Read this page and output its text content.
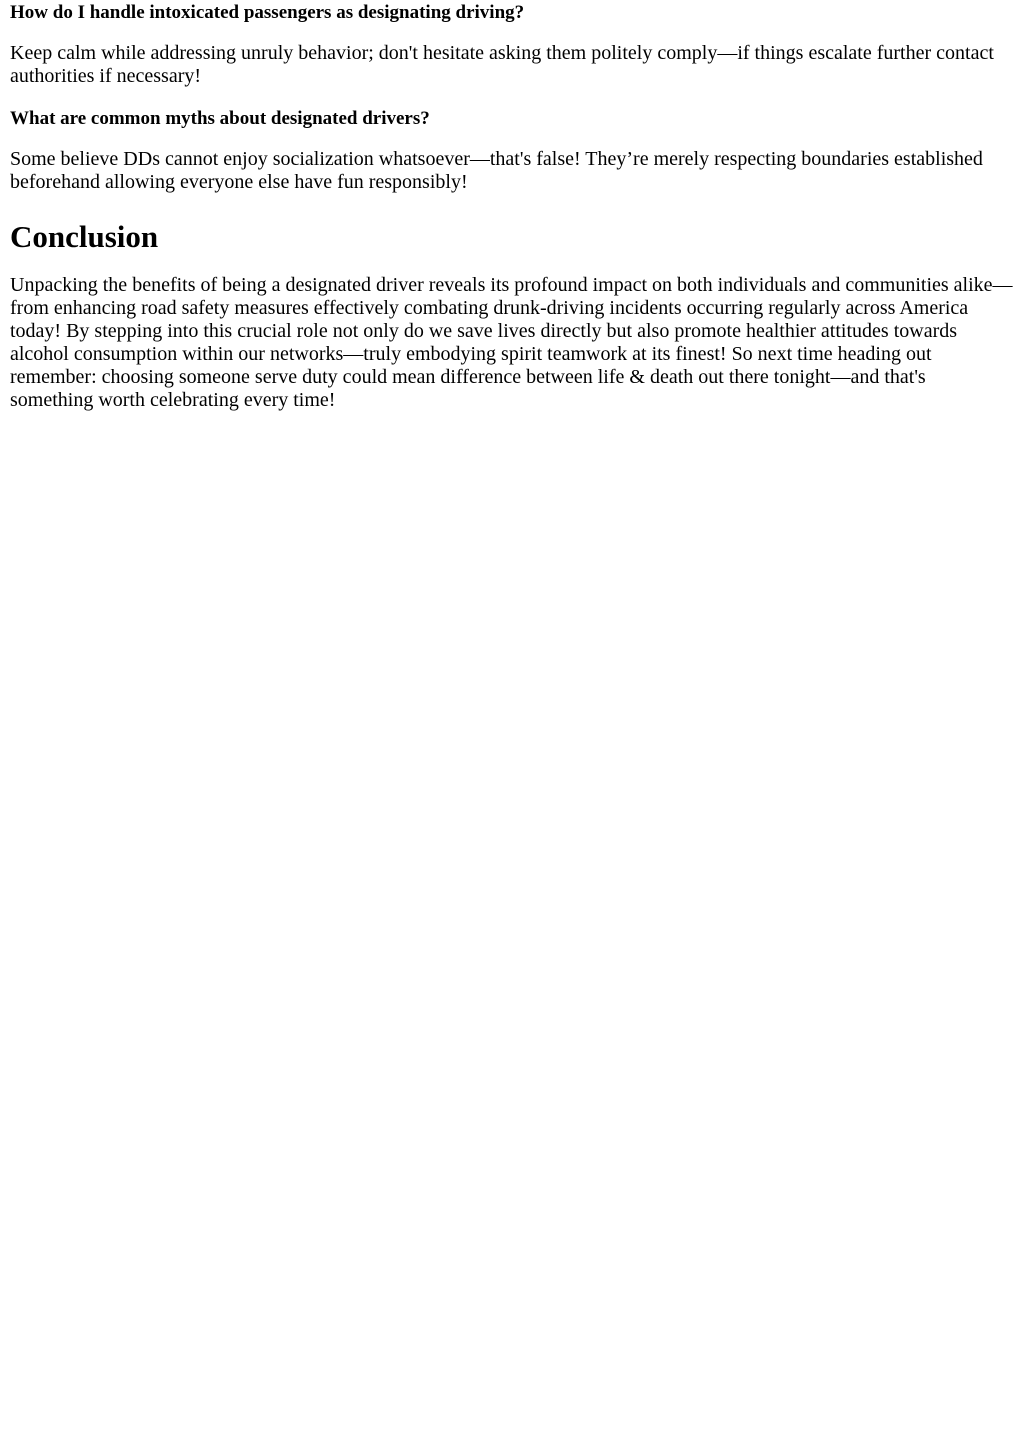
How do I handle intoxicated passengers as designating driving?

Keep calm while addressing unruly behavior; don't hesitate asking them politely comply—if things escalate further contact authorities if necessary!

What are common myths about designated drivers?

Some believe DDs cannot enjoy socialization whatsoever—that's false! They’re merely respecting boundaries established beforehand allowing everyone else have fun responsibly!

Conclusion

Unpacking the benefits of being a designated driver reveals its profound impact on both individuals and communities alike—from enhancing road safety measures effectively combating drunk-driving incidents occurring regularly across America today! By stepping into this crucial role not only do we save lives directly but also promote healthier attitudes towards alcohol consumption within our networks—truly embodying spirit teamwork at its finest! So next time heading out remember: choosing someone serve duty could mean difference between life & death out there tonight—and that's something worth celebrating every time!
